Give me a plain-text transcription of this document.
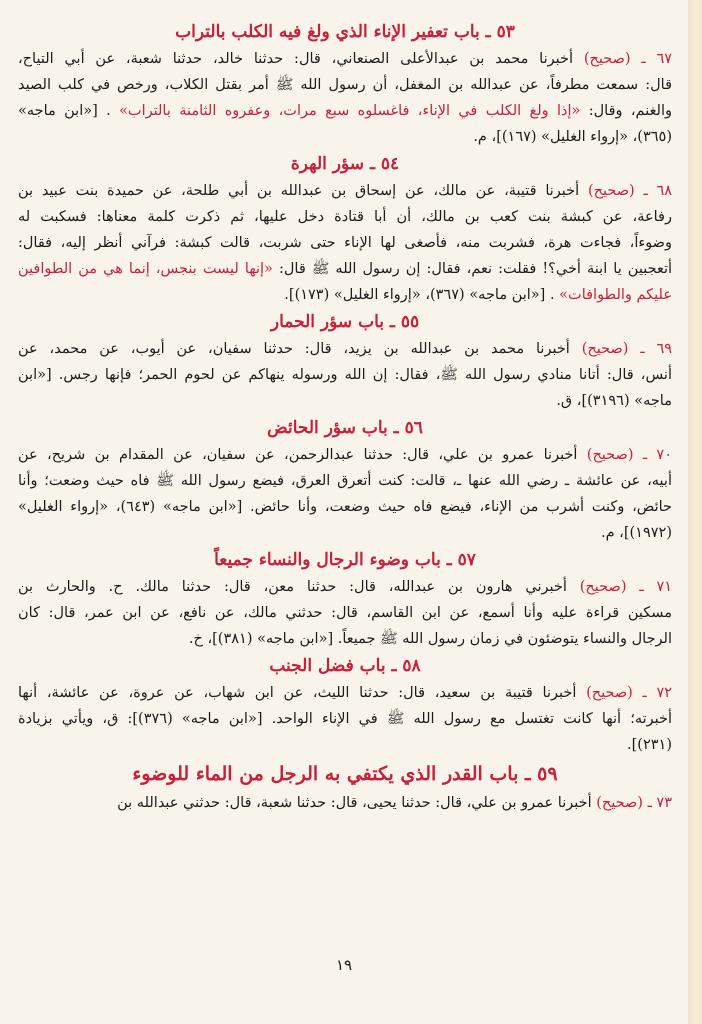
٥٣ ـ باب تعفير الإناء الذي ولغ فيه الكلب بالتراب
٦٧ ـ (صحيح) أخبرنا محمد بن عبدالأعلى الصنعاني، قال: حدثنا خالد، حدثنا شعبة، عن أبي التياح،
قال: سمعت مطرفاً، عن عبدالله بن المغفل، أن رسول الله ﷺ أمر بقتل الكلاب، ورخص في كلب الصيد
والغنم، وقال: «إذا ولغ الكلب في الإناء، فاغسلوه سبع مرات، وعفروه الثامنة بالتراب» . [«ابن ماجه»
(٣٦٥)، «إرواء الغليل» (١٦٧)]، م.
٥٤ ـ سؤر الهرة
٦٨ ـ (صحيح) أخبرنا قتيبة، عن مالك، عن إسحاق بن عبدالله بن أبي طلحة، عن حميدة بنت عبيد بن
رفاعة، عن كبشة بنت كعب بن مالك، أن أبا قتادة دخل عليها، ثم ذكرت كلمة معناها: فسكبت له
وضوءاً، فجاءت هرة، فشربت منه، فأصغى لها الإناء حتى شربت، قالت كبشة: فرآني أنظر إليه، فقال:
أتعجبين يا ابنة أخي؟! فقلت: نعم، فقال: إن رسول الله ﷺ قال: «إنها ليست بنجس، إنما هي من الطوافين
عليكم والطوافات» . [«ابن ماجه» (٣٦٧)، «إرواء الغليل» (١٧٣)].
٥٥ ـ باب سؤر الحمار
٦٩ ـ (صحيح) أخبرنا محمد بن عبدالله بن يزيد، قال: حدثنا سفيان، عن أيوب، عن محمد، عن
أنس، قال: أتانا منادي رسول الله ﷺ، فقال: إن الله ورسوله ينهاكم عن لحوم الحمر؛ فإنها رجس. [«ابن
ماجه» (٣١٩٦)]، ق.
٥٦ ـ باب سؤر الحائض
٧٠ ـ (صحيح) أخبرنا عمرو بن علي، قال: حدثنا عبدالرحمن، عن سفيان، عن المقدام بن شريح، عن
أبيه، عن عائشة ـ رضي الله عنها ـ، قالت: كنت أتعرق العرق، فيضع رسول الله ﷺ فاه حيث وضعت؛ وأنا
حائض، وكنت أشرب من الإناء، فيضع فاه حيث وضعت، وأنا حائض. [«ابن ماجه» (٦٤٣)، «إرواء الغليل»
(١٩٧٢)]، م.
٥٧ ـ باب وضوء الرجال والنساء جميعاً
٧١ ـ (صحيح) أخبرني هارون بن عبدالله، قال: حدثنا معن، قال: حدثنا مالك. ح. والحارث بن
مسكين قراءة عليه وأنا أسمع، عن ابن القاسم، قال: حدثني مالك، عن نافع، عن ابن عمر، قال: كان
الرجال والنساء يتوضئون في زمان رسول الله ﷺ جميعاً. [«ابن ماجه» (٣٨١)]، خ.
٥٨ ـ باب فضل الجنب
٧٢ ـ (صحيح) أخبرنا قتيبة بن سعيد، قال: حدثنا الليث، عن ابن شهاب، عن عروة، عن عائشة، أنها
أخبرته؛ أنها كانت تغتسل مع رسول الله ﷺ في الإناء الواحد. [«ابن ماجه» (٣٧٦)]: ق، ويأتي بزيادة
(٢٣١)].
٥٩ ـ باب القدر الذي يكتفي به الرجل من الماء للوضوء
٧٣ ـ (صحيح) أخبرنا عمرو بن علي، قال: حدثنا يحيى، قال: حدثنا شعبة، قال: حدثني عبدالله بن
١٩
